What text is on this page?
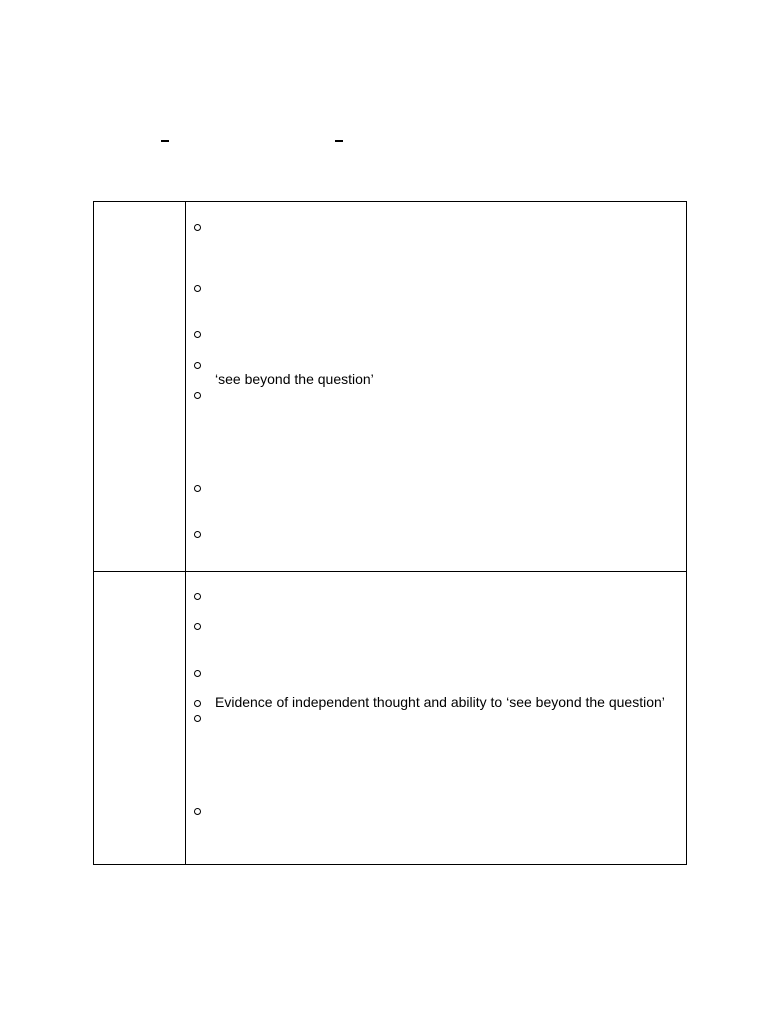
‘see beyond the question’
Evidence of independent thought and ability to ‘see beyond the question’
